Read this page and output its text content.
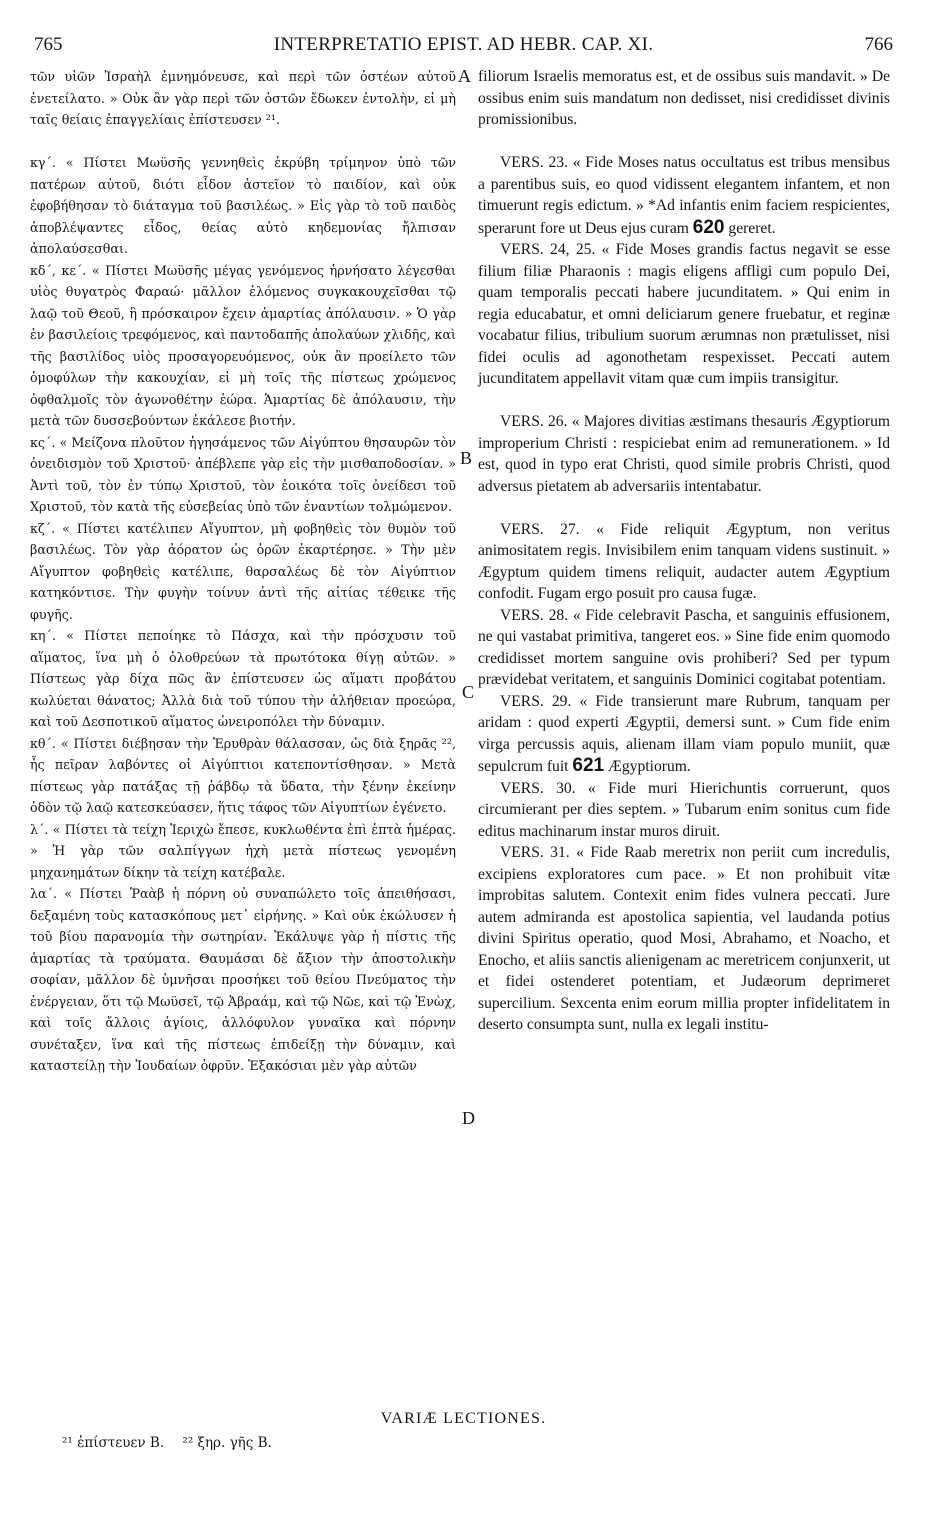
765	INTERPRETATIO EPIST. AD HEBR. CAP. XI.	766

τῶν υἱῶν Ἰσραὴλ ἐμνημόνευσε, καὶ περὶ τῶν ὀστέων αὐτοῦ ἐνετείλατο. » Οὐκ ἂν γὰρ περὶ τῶν ὀστῶν ἔδωκεν ἐντολὴν, εἰ μὴ ταῖς θείαις ἐπαγγελίαις ἐπίστευσεν ²¹.

κγ΄. « Πίστει Μωϋσῆς γεννηθεὶς ἐκρύβη τρίμηνον ὑπὸ τῶν πατέρων αὐτοῦ, διότι εἶδον ἀστεῖον τὸ παιδίον, καὶ οὐκ ἐφοβήθησαν τὸ διάταγμα τοῦ βασιλέως. » Εἰς γὰρ τὸ τοῦ παιδὸς ἀποβλέψαντες εἶδος, θείας αὐτὸ κηδεμονίας ἤλπισαν ἀπολαύσεσθαι.

κδ΄, κε΄. « Πίστει Μωϋσῆς μέγας γενόμενος ἠρνήσατο λέγεσθαι υἱὸς θυγατρὸς Φαραώ· μᾶλλον ἑλόμενος συγκακουχεῖσθαι τῷ λαῷ τοῦ Θεοῦ, ἢ πρόσκαιρον ἔχειν ἁμαρτίας ἀπόλαυσιν. » Ὁ γὰρ ἐν βασιλείοις τρεφόμενος, καὶ παντοδαπῆς ἀπολαύων χλιδῆς, καὶ τῆς βασιλίδος υἱὸς προσαγορευόμενος, οὐκ ἂν προείλετο τῶν ὁμοφύλων τὴν κακουχίαν, εἰ μὴ τοῖς τῆς πίστεως χρώμενος ὀφθαλμοῖς τὸν ἀγωνοθέτην ἑώρα. Ἁμαρτίας δὲ ἀπόλαυσιν, τὴν μετὰ τῶν δυσσεβούντων ἐκάλεσε βιοτήν.

κς΄. « Μείζονα πλοῦτον ἡγησάμενος τῶν Αἰγύπτου θησαυρῶν τὸν ὀνειδισμὸν τοῦ Χριστοῦ· ἀπέβλεπε γὰρ εἰς τὴν μισθαποδοσίαν. » Ἀντὶ τοῦ, τὸν ἐν τύπῳ Χριστοῦ, τὸν ἐοικότα τοῖς ὀνείδεσι τοῦ Χριστοῦ, τὸν κατὰ τῆς εὐσεβείας ὑπὸ τῶν ἐναντίων τολμώμενον.

κζ΄. « Πίστει κατέλιπεν Αἴγυπτον, μὴ φοβηθεὶς τὸν θυμὸν τοῦ βασιλέως. Τὸν γὰρ ἀόρατον ὡς ὁρῶν ἐκαρτέρησε. » Τὴν μὲν Αἴγυπτον φοβηθεὶς κατέλιπε, θαρσαλέως δὲ τὸν Αἰγύπτιον κατηκόντισε. Τὴν φυγὴν τοίνυν ἀντὶ τῆς αἰτίας τέθεικε τῆς φυγῆς.

κη΄. « Πίστει πεποίηκε τὸ Πάσχα, καὶ τὴν πρόσχυσιν τοῦ αἵματος, ἵνα μὴ ὁ ὀλοθρεύων τὰ πρωτότοκα θίγῃ αὐτῶν. » Πίστεως γὰρ δίχα πῶς ἂν ἐπίστευσεν ὡς αἵματι προβάτου κωλύεται θάνατος; Ἀλλὰ διὰ τοῦ τύπου τὴν ἀλήθειαν προεώρα, καὶ τοῦ Δεσποτικοῦ αἵματος ὠνειροπόλει τὴν δύναμιν.

κθ΄. « Πίστει διέβησαν τὴν Ἐρυθρὰν θάλασσαν, ὡς διὰ ξηρᾶς ²², ἧς πεῖραν λαβόντες οἱ Αἰγύπτιοι κατεποντίσθησαν. » Μετὰ πίστεως γὰρ πατάξας τῇ ῥάβδῳ τὰ ὕδατα, τὴν ξένην ἐκείνην ὁδὸν τῷ λαῷ κατεσκεύασεν, ἥτις τάφος τῶν Αἰγυπτίων ἐγένετο.

λ΄. « Πίστει τὰ τείχη Ἱεριχὼ ἔπεσε, κυκλωθέντα ἐπὶ ἑπτὰ ἡμέρας. » Ἡ γὰρ τῶν σαλπίγγων ἠχὴ μετὰ πίστεως γενομένη μηχανημάτων δίκην τὰ τείχη κατέβαλε.

λα΄. « Πίστει Ῥαὰβ ἡ πόρνη οὐ συναπώλετο τοῖς ἀπειθήσασι, δεξαμένη τοὺς κατασκόπους μετ᾽ εἰρήνης. » Καὶ οὐκ ἐκώλυσεν ἡ τοῦ βίου παρανομία τὴν σωτηρίαν. Ἐκάλυψε γὰρ ἡ πίστις τῆς ἁμαρτίας τὰ τραύματα. Θαυμάσαι δὲ ἄξιον τὴν ἀποστολικὴν σοφίαν, μᾶλλον δὲ ὑμνῆσαι προσήκει τοῦ θείου Πνεύματος τὴν ἐνέργειαν, ὅτι τῷ Μωϋσεῖ, τῷ Ἀβραάμ, καὶ τῷ Νῶε, καὶ τῷ Ἐνὼχ, καὶ τοῖς ἄλλοις ἁγίοις, ἀλλόφυλον γυναῖκα καὶ πόρνην συνέταξεν, ἵνα καὶ τῆς πίστεως ἐπιδείξῃ τὴν δύναμιν, καὶ καταστείλῃ τὴν Ἰουδαίων ὀφρῦν. Ἑξακόσιαι μὲν γὰρ αὐτῶν

A
B
C
D

filiorum Israelis memoratus est, et de ossibus suis mandavit. » De ossibus enim suis mandatum non dedisset, nisi credidisset divinis promissionibus.

VERS. 23. « Fide Moses natus occultatus est tribus mensibus a parentibus suis, eo quod vidissent elegantem infantem, et non timuerunt regis edictum. » *Ad infantis enim faciem respicientes, sperarunt fore ut Deus ejus curam 620 gereret.

VERS. 24, 25. « Fide Moses grandis factus negavit se esse filium filiæ Pharaonis : magis eligens affligi cum populo Dei, quam temporalis peccati habere jucunditatem. » Qui enim in regia educabatur, et omni deliciarum genere fruebatur, et reginæ vocabatur filius, tribulium suorum ærumnas non prætulisset, nisi fidei oculis ad agonothetam respexisset. Peccati autem jucunditatem appellavit vitam quæ cum impiis transigitur.

VERS. 26. « Majores divitias æstimans thesauris Ægyptiorum improperium Christi : respiciebat enim ad remunerationem. » Id est, quod in typo erat Christi, quod simile probris Christi, quod adversus pietatem ab adversariis intentabatur.

VERS. 27. « Fide reliquit Ægyptum, non veritus animositatem regis. Invisibilem enim tanquam videns sustinuit. » Ægyptum quidem timens reliquit, audacter autem Ægyptium confodit. Fugam ergo posuit pro causa fugæ.

VERS. 28. « Fide celebravit Pascha, et sanguinis effusionem, ne qui vastabat primitiva, tangeret eos. » Sine fide enim quomodo credidisset mortem sanguine ovis prohiberi? Sed per typum prævidebat veritatem, et sanguinis Dominici cogitabat potentiam.

VERS. 29. « Fide transierunt mare Rubrum, tanquam per aridam : quod experti Ægyptii, demersi sunt. » Cum fide enim virga percussis aquis, alienam illam viam populo muniit, quæ sepulcrum fuit 621 Ægyptiorum.

VERS. 30. « Fide muri Hierichuntis corruerunt, quos circumierant per dies septem. » Tubarum enim sonitus cum fide editus machinarum instar muros diruit.

VERS. 31. « Fide Raab meretrix non periit cum incredulis, excipiens exploratores cum pace. » Et non prohibuit vitæ improbitas salutem. Contexit enim fides vulnera peccati. Jure autem admiranda est apostolica sapientia, vel laudanda potius divini Spiritus operatio, quod Mosi, Abrahamo, et Noacho, et Enocho, et aliis sanctis alienigenam ac meretricem conjunxerit, ut et fidei ostenderet potentiam, et Judæorum deprimeret supercilium. Sexcenta enim eorum millia propter infidelitatem in deserto consumpta sunt, nulla ex legali institu-

VARIÆ LECTIONES.
²¹ ἐπίστευεν B. ²² ξηρ. γῆς B.
